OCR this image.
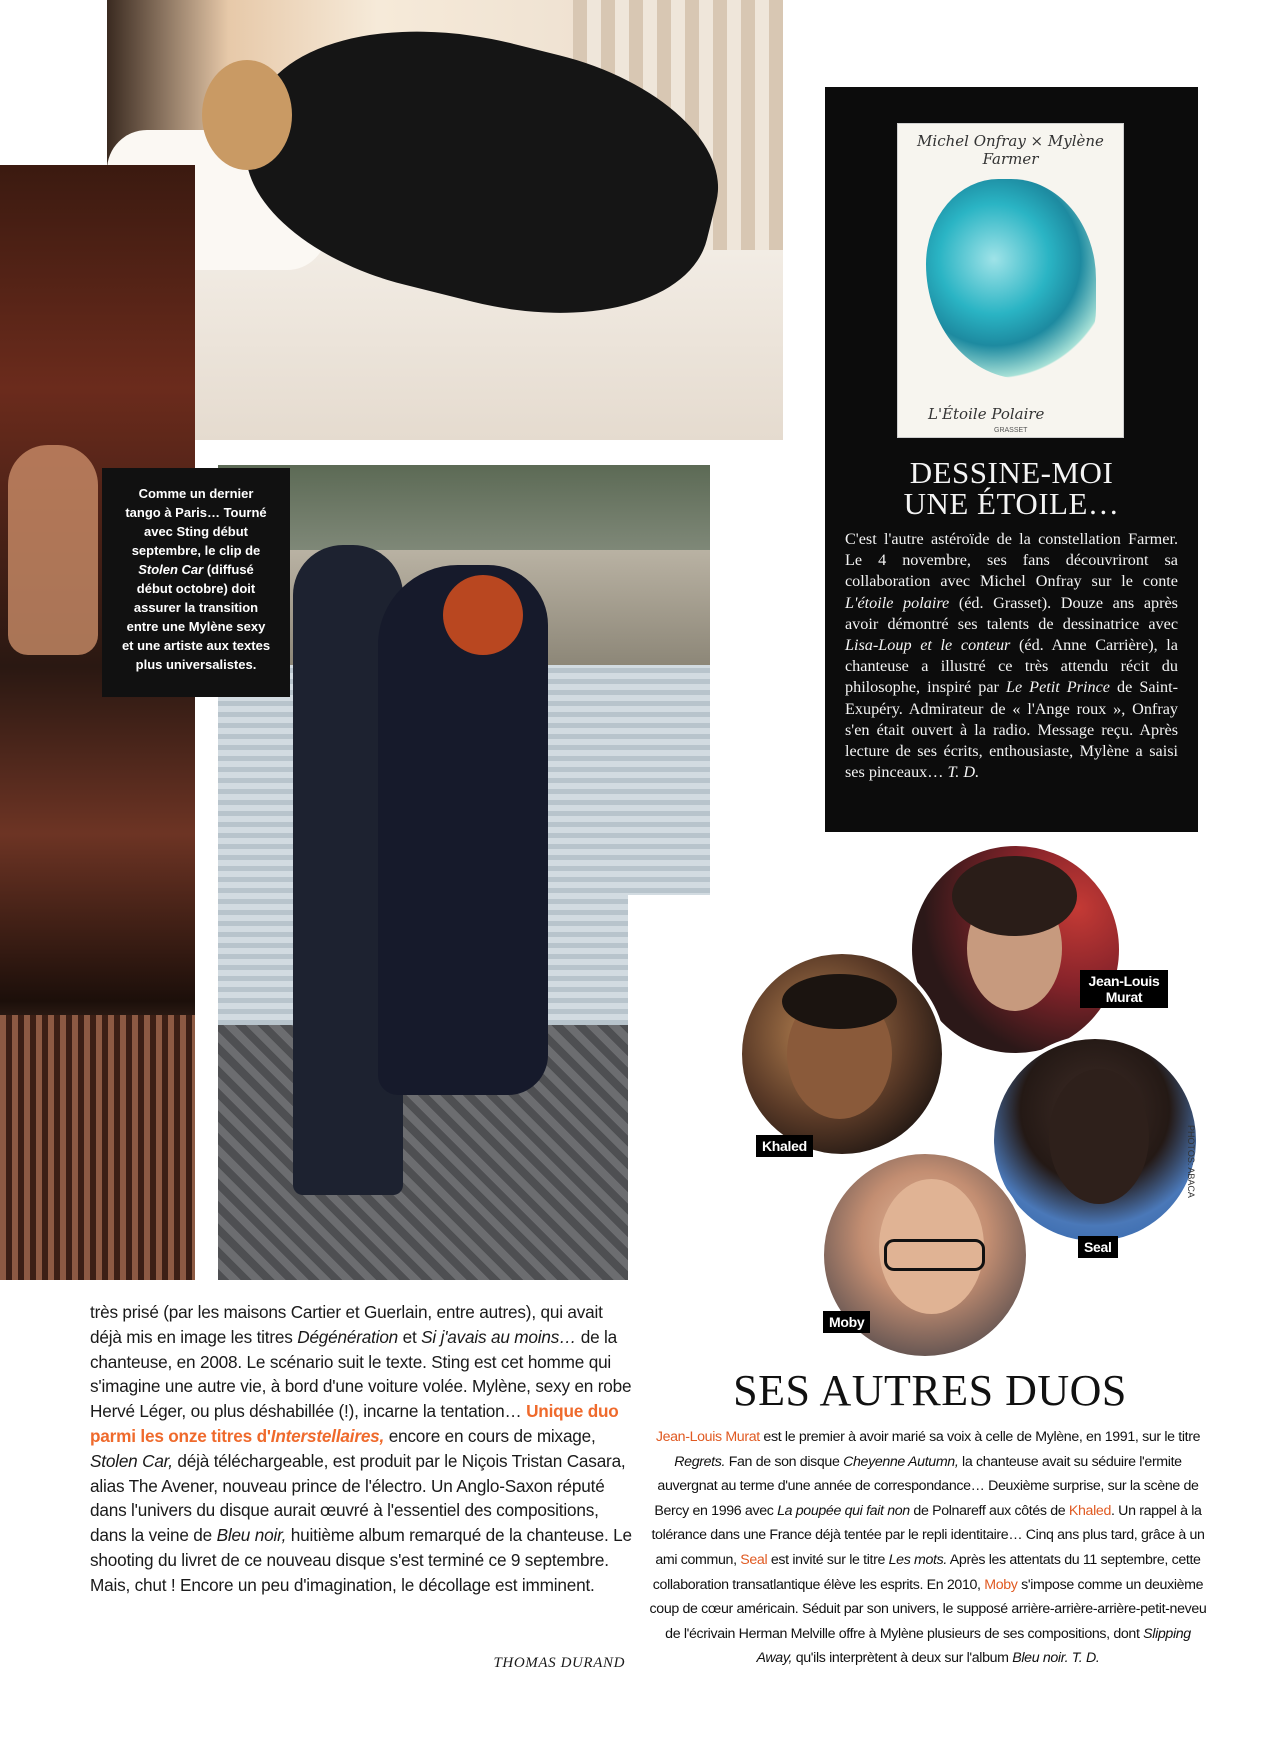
Comme un dernier
tango à Paris… Tourné
avec Sting début
septembre, le clip de
Stolen Car (diffusé
début octobre) doit
assurer la transition
entre une Mylène sexy
et une artiste aux textes
plus universalistes.
Michel Onfray × Mylène Farmer
L'Étoile Polaire
GRASSET
DESSINE-MOI
UNE ÉTOILE…
C'est l'autre astéroïde de la constellation Farmer. Le 4 novembre, ses fans découvriront sa collaboration avec Michel Onfray sur le conte L'étoile polaire (éd. Grasset). Douze ans après avoir démontré ses talents de dessinatrice avec Lisa-Loup et le conteur (éd. Anne Carrière), la chanteuse a illustré ce très attendu récit du philosophe, inspiré par Le Petit Prince de Saint-Exupéry. Admirateur de « l'Ange roux », Onfray s'en était ouvert à la radio. Message reçu. Après lecture de ses écrits, enthousiaste, Mylène a saisi ses pinceaux… T. D.
Jean-Louis Murat
Khaled
Seal
Moby
PHOTOS: ABACA
SES AUTRES DUOS
Jean-Louis Murat est le premier à avoir marié sa voix à celle de Mylène, en 1991, sur le titre Regrets. Fan de son disque Cheyenne Autumn, la chanteuse avait su séduire l'ermite auvergnat au terme d'une année de correspondance… Deuxième surprise, sur la scène de Bercy en 1996 avec La poupée qui fait non de Polnareff aux côtés de Khaled. Un rappel à la tolérance dans une France déjà tentée par le repli identitaire… Cinq ans plus tard, grâce à un ami commun, Seal est invité sur le titre Les mots. Après les attentats du 11 septembre, cette collaboration transatlantique élève les esprits. En 2010, Moby s'impose comme un deuxième coup de cœur américain. Séduit par son univers, le supposé arrière-arrière-arrière-petit-neveu de l'écrivain Herman Melville offre à Mylène plusieurs de ses compositions, dont Slipping Away, qu'ils interprètent à deux sur l'album Bleu noir. T. D.
très prisé (par les maisons Cartier et Guerlain, entre autres), qui avait déjà mis en image les titres Dégénération et Si j'avais au moins… de la chanteuse, en 2008. Le scénario suit le texte. Sting est cet homme qui s'imagine une autre vie, à bord d'une voiture volée. Mylène, sexy en robe Hervé Léger, ou plus déshabillée (!), incarne la tentation… Unique duo parmi les onze titres d'Interstellaires, encore en cours de mixage, Stolen Car, déjà téléchargeable, est produit par le Niçois Tristan Casara, alias The Avener, nouveau prince de l'électro. Un Anglo-Saxon réputé dans l'univers du disque aurait œuvré à l'essentiel des compositions, dans la veine de Bleu noir, huitième album remarqué de la chanteuse. Le shooting du livret de ce nouveau disque s'est terminé ce 9 septembre. Mais, chut ! Encore un peu d'imagination, le décollage est imminent.
THOMAS DURAND
